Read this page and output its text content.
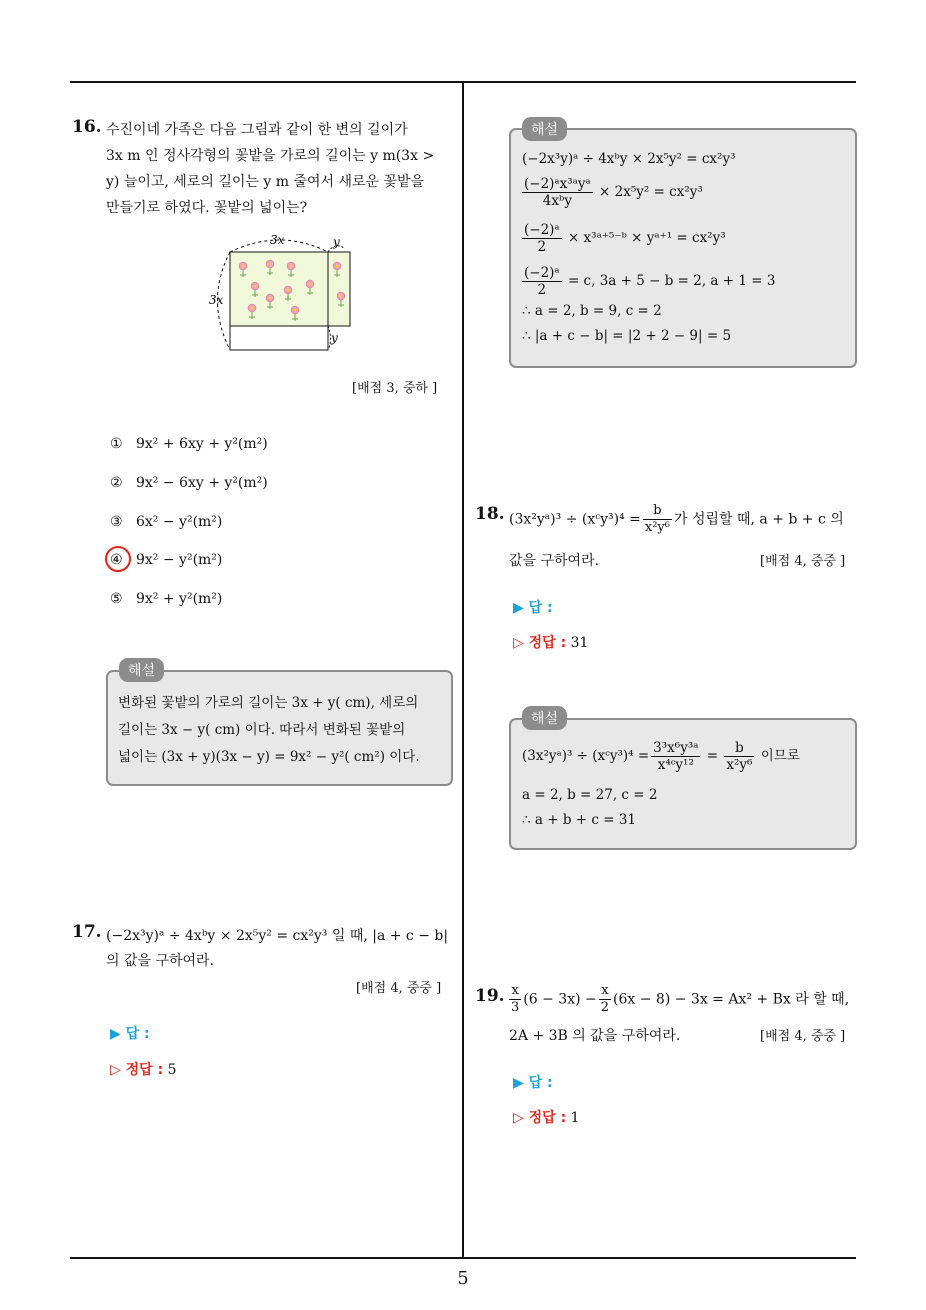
5
16. 수진이네 가족은 다음 그림과 같이 한 변의 길이가
3x m 인 정사각형의 꽃밭을 가로의 길이는 y m(3x >
y) 늘이고, 세로의 길이는 y m 줄여서 새로운 꽃밭을
만들기로 하였다. 꽃밭의 넓이는?
3x	y
3x
y
[배점 3, 중하 ]
① 9x² + 6xy + y²(m²)
② 9x² − 6xy + y²(m²)
③ 6x² − y²(m²)
④ 9x² − y²(m²)
⑤ 9x² + y²(m²)
해설
변화된 꽃밭의 가로의 길이는 3x + y( cm), 세로의
길이는 3x − y( cm) 이다. 따라서 변화된 꽃밭의
넓이는 (3x + y)(3x − y) = 9x² − y²( cm²) 이다.
17. (−2x³y)ᵃ ÷ 4xᵇy × 2x⁵y² = cx²y³ 일 때, |a + c − b|
의 값을 구하여라.
[배점 4, 중중 ]
▶ 답 :
▷ 정답 : 5
해설
(−2x³y)ᵃ ÷ 4xᵇy × 2x⁵y² = cx²y³
$\frac{\text{(−2)ᵃx³ᵃyᵃ}}{\text{4xᵇy}} \times 2x^5y^2 = cx^2y^3$
$\frac{\text{(−2)ᵃ}}{2}$ × x³ᵃ⁺⁵⁻ᵇ × yᵃ⁺¹ = cx²y³
$\frac{\text{(−2)ᵃ}}{2} = c$, 3a + 5 − b = 2, a + 1 = 3
∴ a = 2, b = 9, c = 2
∴ |a + c − b| = |2 + 2 − 9| = 5
18. (3x²yᵃ)³ ÷ (xᶜy³)⁴ = $\frac{b}{\text{x²y⁶}}$ 가 성립할 때, a + b + c 의
값을 구하여라.	[배점 4, 중중 ]
▶ 답 :
▷ 정답 : 31
해설
(3x²yᵃ)³ ÷ (xᶜy³)⁴ = $\frac{\text{3³x⁶y³ᵃ}}{\text{x⁴ᶜy¹²}} = \frac{b}{\text{x²y⁶}}$ 이므로
a = 2, b = 27, c = 2
∴ a + b + c = 31
19. $\frac{x}{3} (6 - 3x) - \frac{x}{2} (6x - 8) - 3x = Ax^2 + Bx$ 라 할 때,
2A + 3B 의 값을 구하여라.	[배점 4, 중중 ]
▶ 답 :
▷ 정답 : 1
